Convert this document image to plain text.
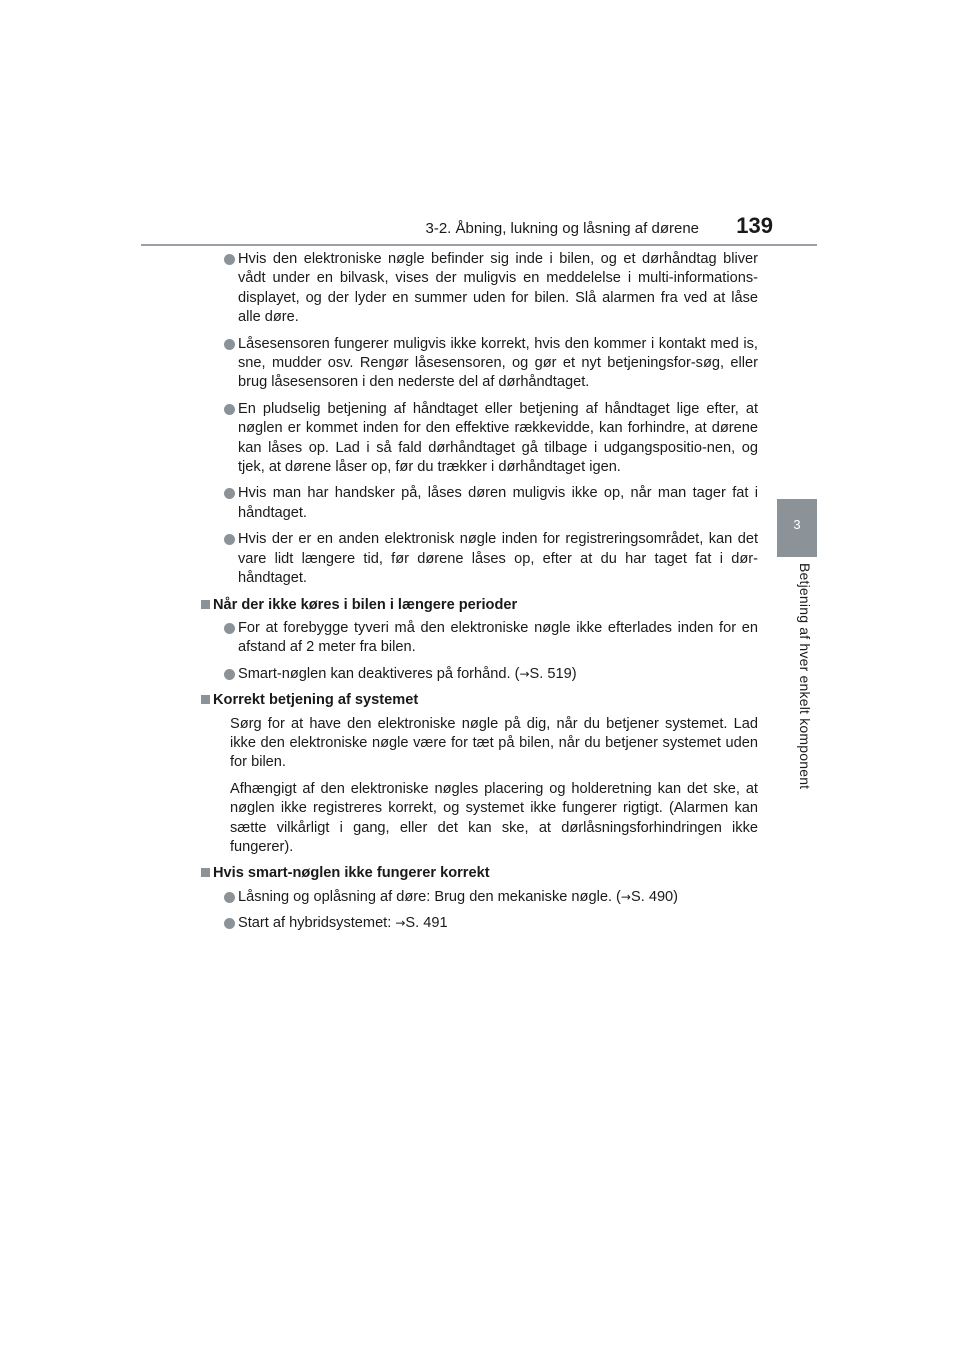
3-2. Åbning, lukning og låsning af dørene 139
3
Betjening af hver enkelt komponent
Hvis den elektroniske nøgle befinder sig inde i bilen, og et dørhåndtag bliver vådt under en bilvask, vises der muligvis en meddelelse i multi-informations-displayet, og der lyder en summer uden for bilen. Slå alarmen fra ved at låse alle døre.
Låsesensoren fungerer muligvis ikke korrekt, hvis den kommer i kontakt med is, sne, mudder osv. Rengør låsesensoren, og gør et nyt betjeningsfor-søg, eller brug låsesensoren i den nederste del af dørhåndtaget.
En pludselig betjening af håndtaget eller betjening af håndtaget lige efter, at nøglen er kommet inden for den effektive rækkevidde, kan forhindre, at dørene kan låses op. Lad i så fald dørhåndtaget gå tilbage i udgangspositio-nen, og tjek, at dørene låser op, før du trækker i dørhåndtaget igen.
Hvis man har handsker på, låses døren muligvis ikke op, når man tager fat i håndtaget.
Hvis der er en anden elektronisk nøgle inden for registreringsområdet, kan det vare lidt længere tid, før dørene låses op, efter at du har taget fat i dør-håndtaget.
Når der ikke køres i bilen i længere perioder
For at forebygge tyveri må den elektroniske nøgle ikke efterlades inden for en afstand af 2 meter fra bilen.
Smart-nøglen kan deaktiveres på forhånd. (→S. 519)
Korrekt betjening af systemet
Sørg for at have den elektroniske nøgle på dig, når du betjener systemet. Lad ikke den elektroniske nøgle være for tæt på bilen, når du betjener systemet uden for bilen.
Afhængigt af den elektroniske nøgles placering og holderetning kan det ske, at nøglen ikke registreres korrekt, og systemet ikke fungerer rigtigt. (Alarmen kan sætte vilkårligt i gang, eller det kan ske, at dørlåsningsforhindringen ikke fungerer).
Hvis smart-nøglen ikke fungerer korrekt
Låsning og oplåsning af døre: Brug den mekaniske nøgle. (→S. 490)
Start af hybridsystemet: →S. 491
